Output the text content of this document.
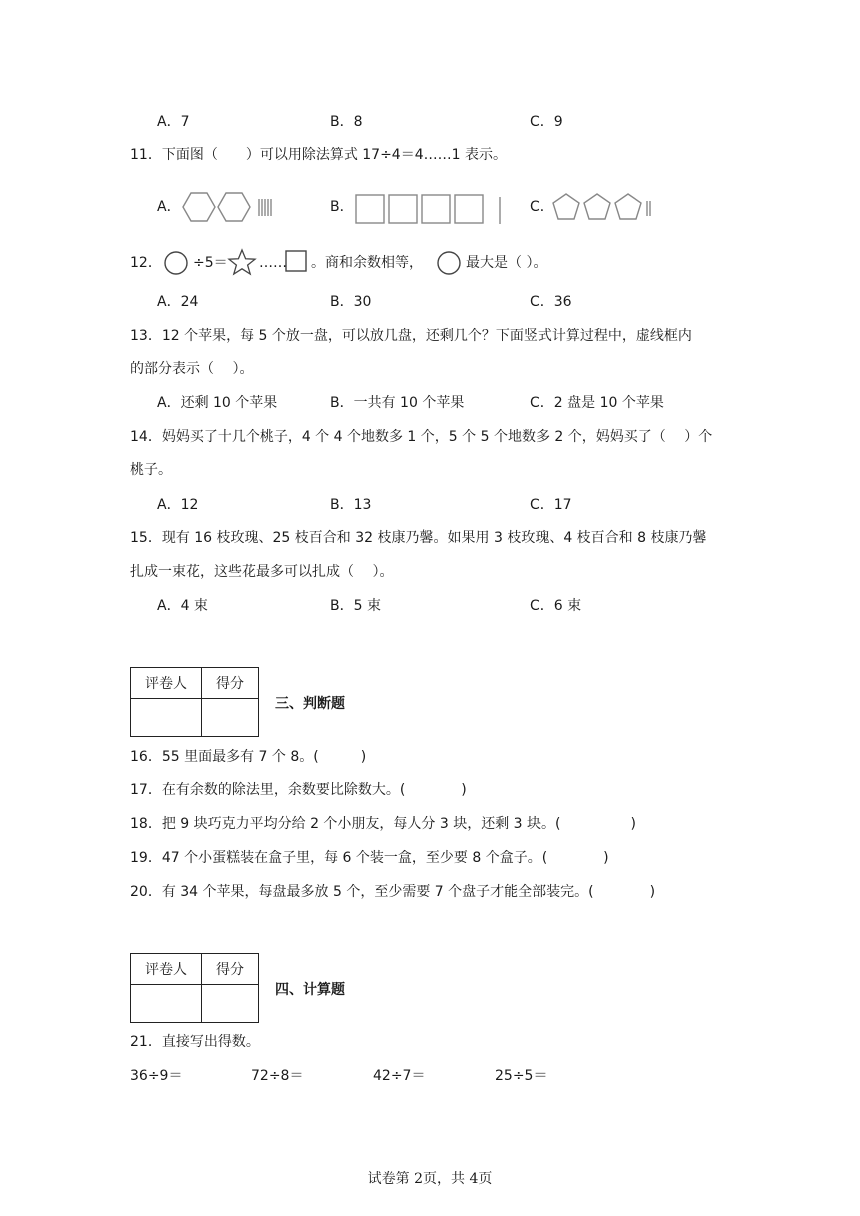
A．7	B．8	C．9
11．下面图（　　）可以用除法算式 17÷4＝4……1 表示。
A．	B．	C．
12． ÷5＝ …… 。商和余数相等，	最大是（ ）。
A．24	B．30	C．36
13．12 个苹果，每 5 个放一盘，可以放几盘，还剩几个？下面竖式计算过程中，虚线框内
的部分表示（　 ）。
A．还剩 10 个苹果	B．一共有 10 个苹果	C．2 盘是 10 个苹果
14．妈妈买了十几个桃子，4 个 4 个地数多 1 个，5 个 5 个地数多 2 个，妈妈买了（　 ）个
桃子。
A．12	B．13	C．17
15．现有 16 枝玫瑰、25 枝百合和 32 枝康乃馨。如果用 3 枝玫瑰、4 枝百合和 8 枝康乃馨
扎成一束花，这些花最多可以扎成（　 ）。
A．4 束	B．5 束	C．6 束
评卷人	得分

三、判断题
16．55 里面最多有 7 个 8。(　　　)
17．在有余数的除法里，余数要比除数大。(　　　　)
18．把 9 块巧克力平均分给 2 个小朋友，每人分 3 块，还剩 3 块。(　　　　　)
19．47 个小蛋糕装在盒子里，每 6 个装一盒，至少要 8 个盒子。(　　　　)
20．有 34 个苹果，每盘最多放 5 个，至少需要 7 个盘子才能全部装完。(　　　　)
评卷人	得分

四、计算题
21．直接写出得数。
36÷9＝	72÷8＝	42÷7＝	25÷5＝
试卷第 2页，共 4页
